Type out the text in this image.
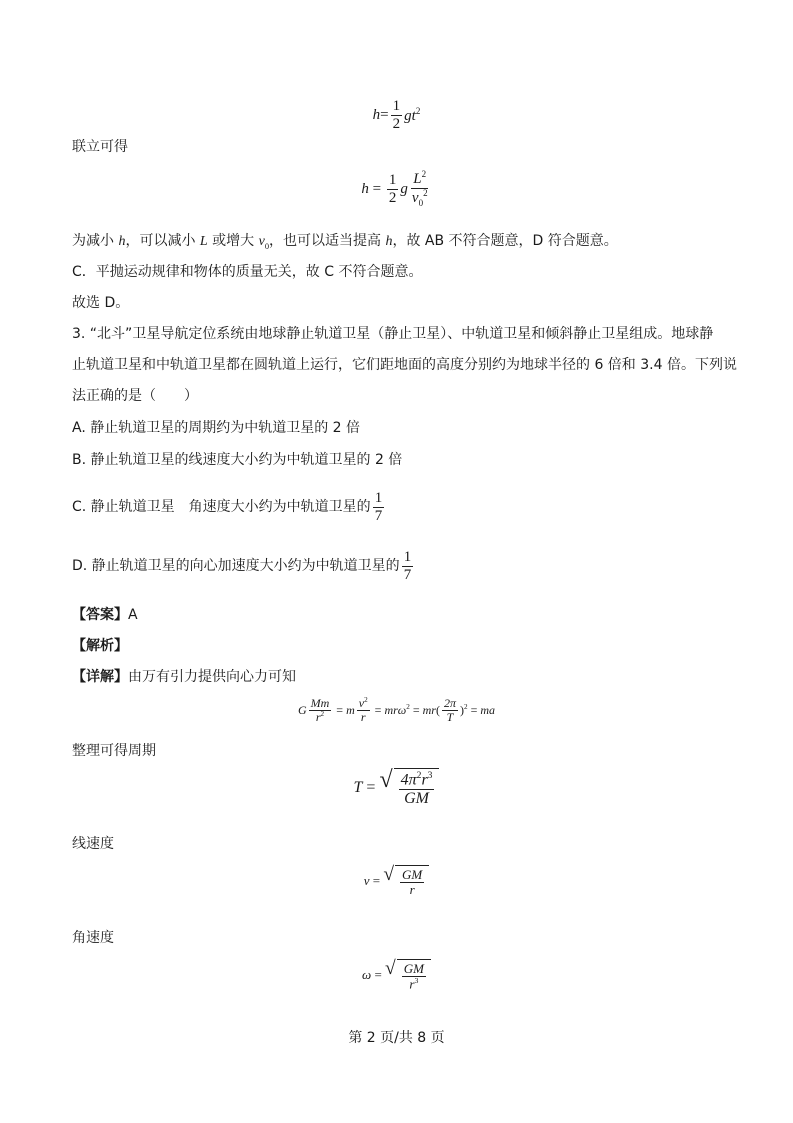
$h = \frac{1}{2} gt^2$
联立可得
$h = \frac{1}{2}$ g $\frac{L^2}{v_0^2}$
为减小 h，可以减小 L 或增大 $v_0$，也可以适当提高 h，故 AB 不符合题意，D 符合题意。
C．平抛运动规律和物体的质量无关，故 C 不符合题意。
故选 D。
3. “北斗”卫星导航定位系统由地球静止轨道卫星（静止卫星）、中轨道卫星和倾斜静止卫星组成。地球静
止轨道卫星和中轨道卫星都在圆轨道上运行，它们距地面的高度分别约为地球半径的 6 倍和 3.4 倍。下列说
法正确的是（　　）
A. 静止轨道卫星的周期约为中轨道卫星的 2 倍
B. 静止轨道卫星的线速度大小约为中轨道卫星的 2 倍
C. 静止轨道卫星　角速度大小约为中轨道卫星的 $\frac{1}{7}$
D. 静止轨道卫星的向心加速度大小约为中轨道卫星的 $\frac{1}{7}$
【答案】A
【解析】
【详解】由万有引力提供向心力可知
G $\frac{Mm}{r^2} = m \frac{v^2}{r} = mr\omega^2$ = mr ( $\frac{2\pi}{T} )^2$ = ma
整理可得周期
T = √ $\frac{4\pi^2r^3}{GM}$
线速度
v = √ $\frac{GM}{r}$
角速度
ω = √ $\frac{GM}{r^3}$
第 2 页/共 8 页
